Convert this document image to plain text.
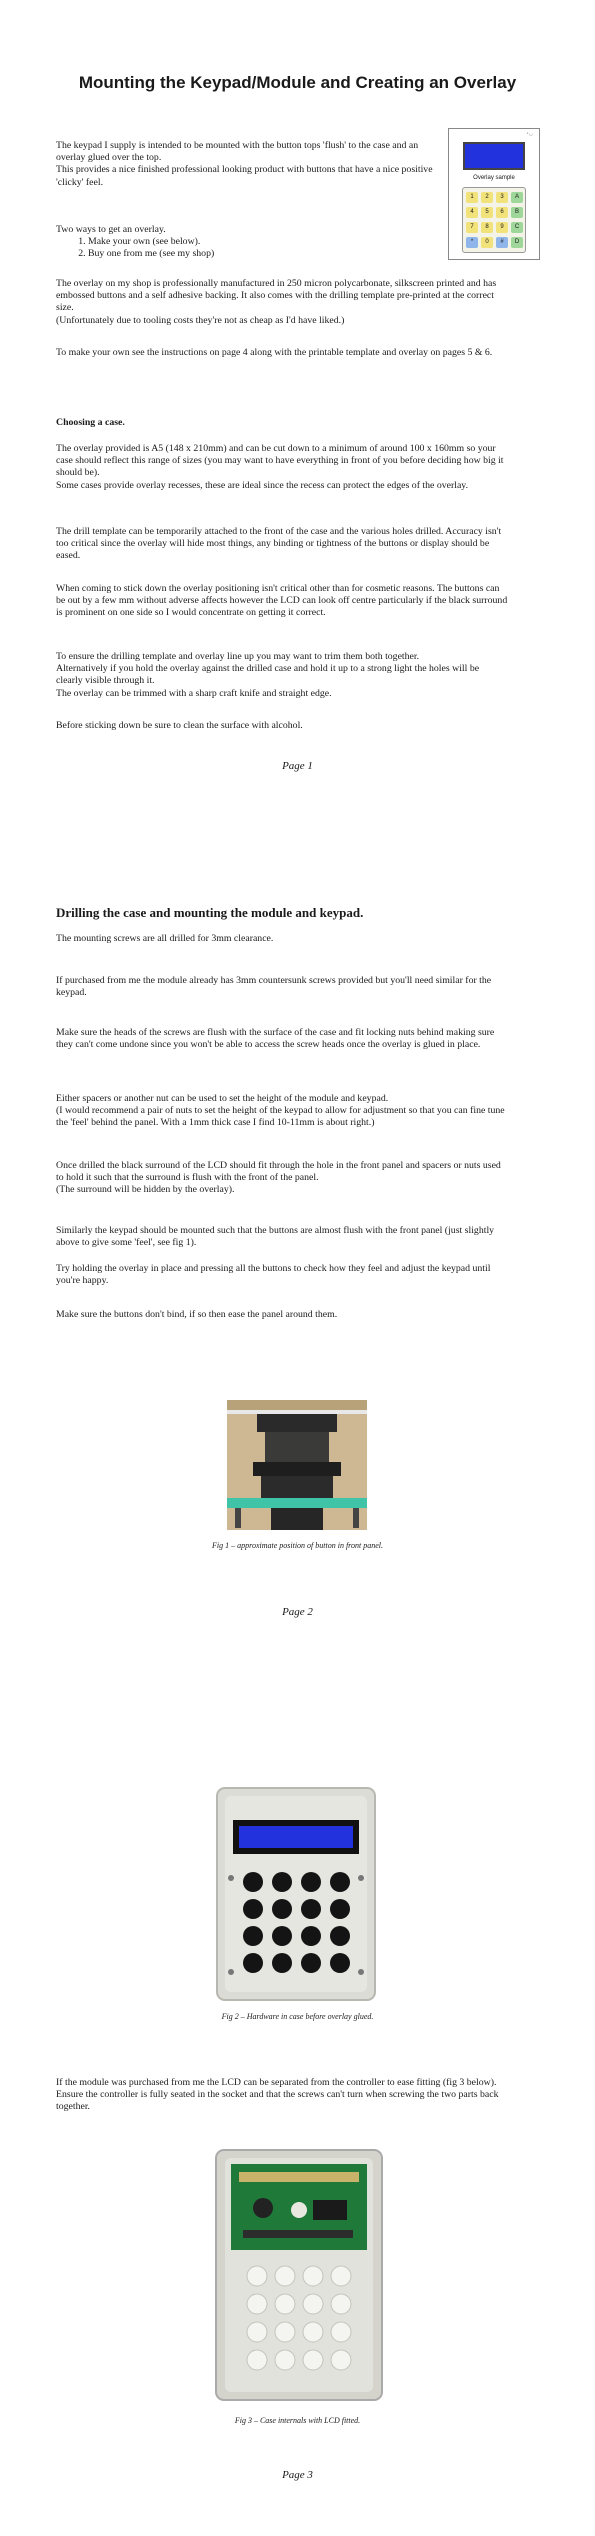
Mounting the Keypad/Module and Creating an Overlay
◔◡
Overlay sample
1	2	3	A
4	5	6	B
7	8	9	C
*	0	#	D

The keypad I supply is intended to be mounted with the button tops 'flush' to the case and an overlay glued over the top.

This provides a nice finished professional looking product with buttons that have a nice positive 'clicky' feel.

Two ways to get an overlay.

1. Make your own (see below).
2. Buy one from me (see my shop)

The overlay on my shop is professionally manufactured in 250 micron polycarbonate, silkscreen printed and has embossed buttons and a self adhesive backing. It also comes with the drilling template pre-printed at the correct size.

(Unfortunately due to tooling costs they're not as cheap as I'd have liked.)

To make your own see the instructions on page 4 along with the printable template and overlay on pages 5 & 6.
Choosing a case.

The overlay provided is A5 (148 x 210mm) and can be cut down to a minimum of around 100 x 160mm so your case should reflect this range of sizes (you may want to have everything in front of you before deciding how big it should be).

Some cases provide overlay recesses, these are ideal since the recess can protect the edges of the overlay.

The drill template can be temporarily attached to the front of the case and the various holes drilled. Accuracy isn't too critical since the overlay will hide most things, any binding or tightness of the buttons or display should be eased.
When coming to stick down the overlay positioning isn't critical other than for cosmetic reasons. The buttons can be out by a few mm without adverse affects however the LCD can look off centre particularly if the black surround is prominent on one side so I would concentrate on getting it correct.

To ensure the drilling template and overlay line up you may want to trim them both together.

Alternatively if you hold the overlay against the drilled case and hold it up to a strong light the holes will be clearly visible through it.

The overlay can be trimmed with a sharp craft knife and straight edge.

Before sticking down be sure to clean the surface with alcohol.
Page 1
Drilling the case and mounting the module and keypad.
The mounting screws are all drilled for 3mm clearance.
If purchased from me the module already has 3mm countersunk screws provided but you'll need similar for the keypad.
Make sure the heads of the screws are flush with the surface of the case and fit locking nuts behind making sure they can't come undone since you won't be able to access the screw heads once the overlay is glued in place.

Either spacers or another nut can be used to set the height of the module and keypad.

(I would recommend a pair of nuts to set the height of the keypad to allow for adjustment so that you can fine tune the 'feel' behind the panel. With a 1mm thick case I find 10-11mm is about right.)

Once drilled the black surround of the LCD should fit through the hole in the front panel and spacers or nuts used to hold it such that the surround is flush with the front of the panel.

(The surround will be hidden by the overlay).

Similarly the keypad should be mounted such that the buttons are almost flush with the front panel (just slightly above to give some 'feel', see fig 1).
Try holding the overlay in place and pressing all the buttons to check how they feel and adjust the keypad until you're happy.
Make sure the buttons don't bind, if so then ease the panel around them.
Fig 1 – approximate position of button in front panel.
Page 2
Fig 2 – Hardware in case before overlay glued.
If the module was purchased from me the LCD can be separated from the controller to ease fitting (fig 3 below). Ensure the controller is fully seated in the socket and that the screws can't turn when screwing the two parts back together.
Fig 3 – Case internals with LCD fitted.
Page 3
